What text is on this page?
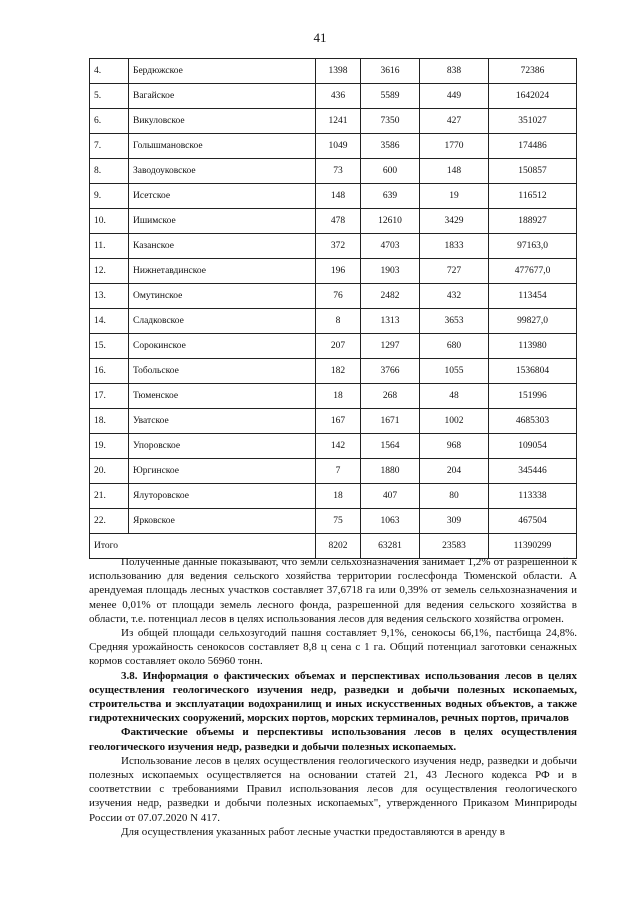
41
4.	Бердюжское	1398	3616	838	72386
5.	Вагайское	436	5589	449	1642024
6.	Викуловское	1241	7350	427	351027
7.	Голышмановское	1049	3586	1770	174486
8.	Заводоуковское	73	600	148	150857
9.	Исетское	148	639	19	116512
10.	Ишимское	478	12610	3429	188927
11.	Казанское	372	4703	1833	97163,0
12.	Нижнетавдинское	196	1903	727	477677,0
13.	Омутинское	76	2482	432	113454
14.	Сладковское	8	1313	3653	99827,0
15.	Сорокинское	207	1297	680	113980
16.	Тобольское	182	3766	1055	1536804
17.	Тюменское	18	268	48	151996
18.	Уватское	167	1671	1002	4685303
19.	Упоровское	142	1564	968	109054
20.	Юргинское	7	1880	204	345446
21.	Ялуторовское	18	407	80	113338
22.	Ярковское	75	1063	309	467504
Итого		8202	63281	23583	11390299

Полученные данные показывают, что земли сельхозназначения занимает 1,2% от разрешенной к использованию для ведения сельского хозяйства территории гослесфонда Тюменской области. А арендуемая площадь лесных участков составляет 37,6718 га или 0,39% от земель сельхозназначения и менее 0,01% от площади земель лесного фонда, разрешенной для ведения сельского хозяйства в области, т.е. потенциал лесов в целях использования лесов для ведения сельского хозяйства огромен.

Из общей площади сельхозугодий пашня составляет 9,1%, сенокосы 66,1%, пастбища 24,8%. Средняя урожайность сенокосов составляет 8,8 ц сена с 1 га. Общий потенциал заготовки сенажных кормов составляет около 56960 тонн.

3.8. Информация о фактических объемах и перспективах использования лесов в целях осуществления геологического изучения недр, разведки и добычи полезных ископаемых, строительства и эксплуатации водохранилищ и иных искусственных водных объектов, а также гидротехнических сооружений, морских портов, морских терминалов, речных портов, причалов

Фактические объемы и перспективы использования лесов в целях осуществления геологического изучения недр, разведки и добычи полезных ископаемых.

Использование лесов в целях осуществления геологического изучения недр, разведки и добычи полезных ископаемых осуществляется на основании статей 21, 43 Лесного кодекса РФ и в соответствии с требованиями Правил использования лесов для осуществления геологического изучения недр, разведки и добычи полезных ископаемых", утвержденного Приказом Минприроды России от 07.07.2020 N 417.

Для осуществления указанных работ лесные участки предоставляются в аренду в
